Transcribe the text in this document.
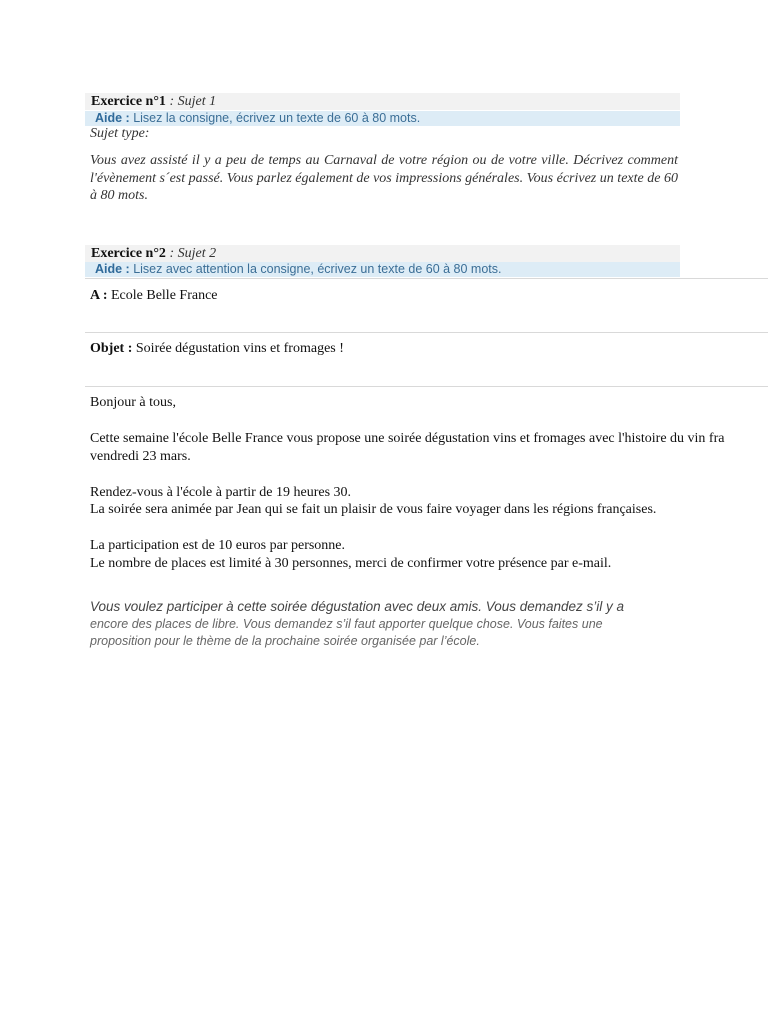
Exercice n°1 : Sujet 1
Aide : Lisez la consigne, écrivez un texte de 60 à 80 mots.
Sujet type:
Vous avez assisté il y a peu de temps au Carnaval de votre région ou de votre ville. Décrivez comment l'évènement s´est passé. Vous parlez également de vos impressions générales. Vous écrivez un texte de 60 à 80 mots.
Exercice n°2 : Sujet 2
Aide : Lisez avec attention la consigne, écrivez un texte de 60 à 80 mots.
A : Ecole Belle France
Objet : Soirée dégustation vins et fromages !
Bonjour à tous,
Cette semaine l'école Belle France vous propose une soirée dégustation vins et fromages avec l'histoire du vin fra
vendredi 23 mars.
Rendez-vous à l'école à partir de 19 heures 30.
La soirée sera animée par Jean qui se fait un plaisir de vous faire voyager dans les régions françaises.
La participation est de 10 euros par personne.
Le nombre de places est limité à 30 personnes, merci de confirmer votre présence par e-mail.
Vous voulez participer à cette soirée dégustation avec deux amis. Vous demandez s’il y a
encore des places de libre. Vous demandez s’il faut apporter quelque chose. Vous faites une
proposition pour le thème de la prochaine soirée organisée par l’école.
